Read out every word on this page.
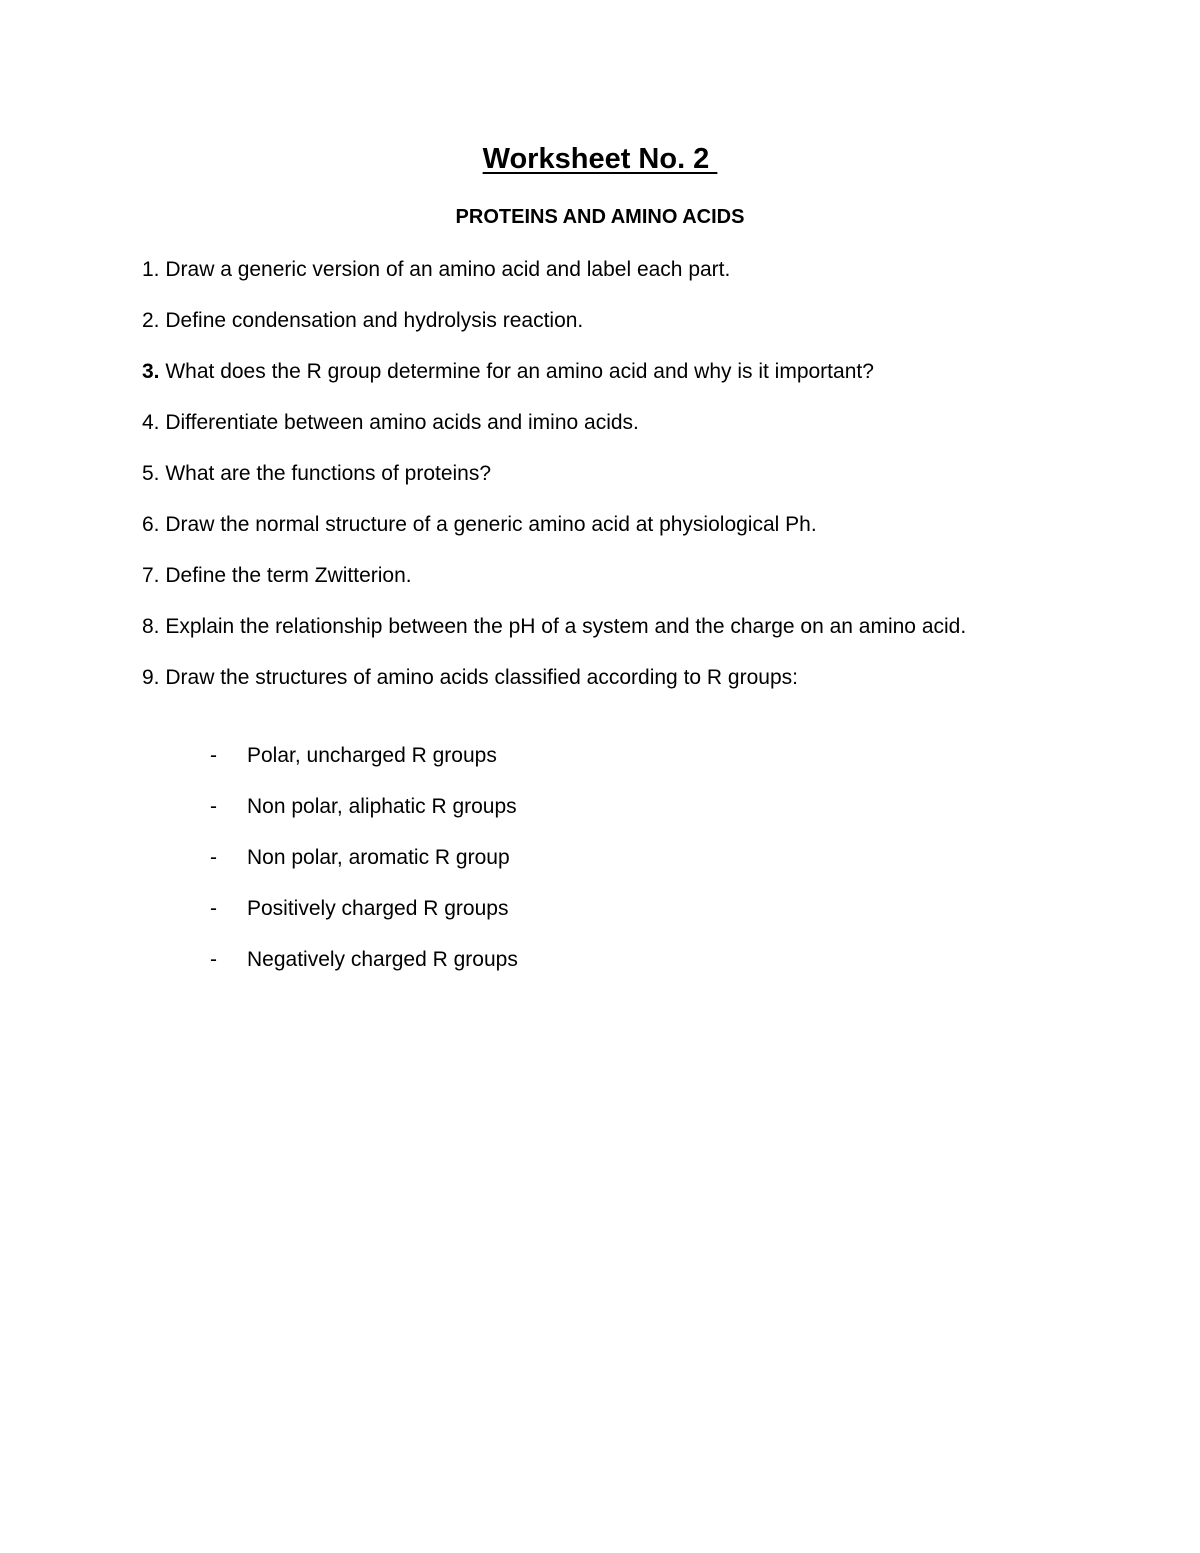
Worksheet No. 2
PROTEINS AND AMINO ACIDS
1. Draw a generic version of an amino acid and label each part.
2. Define condensation and hydrolysis reaction.
3. What does the R group determine for an amino acid and why is it important?
4. Differentiate between amino acids and imino acids.
5. What are the functions of proteins?
6. Draw the normal structure of a generic amino acid at physiological Ph.
7. Define the term Zwitterion.
8. Explain the relationship between the pH of a system and the charge on an amino acid.
9. Draw the structures of amino acids classified according to R groups:
- Polar, uncharged R groups
- Non polar, aliphatic R groups
- Non polar, aromatic R group
- Positively charged R groups
- Negatively charged R groups
